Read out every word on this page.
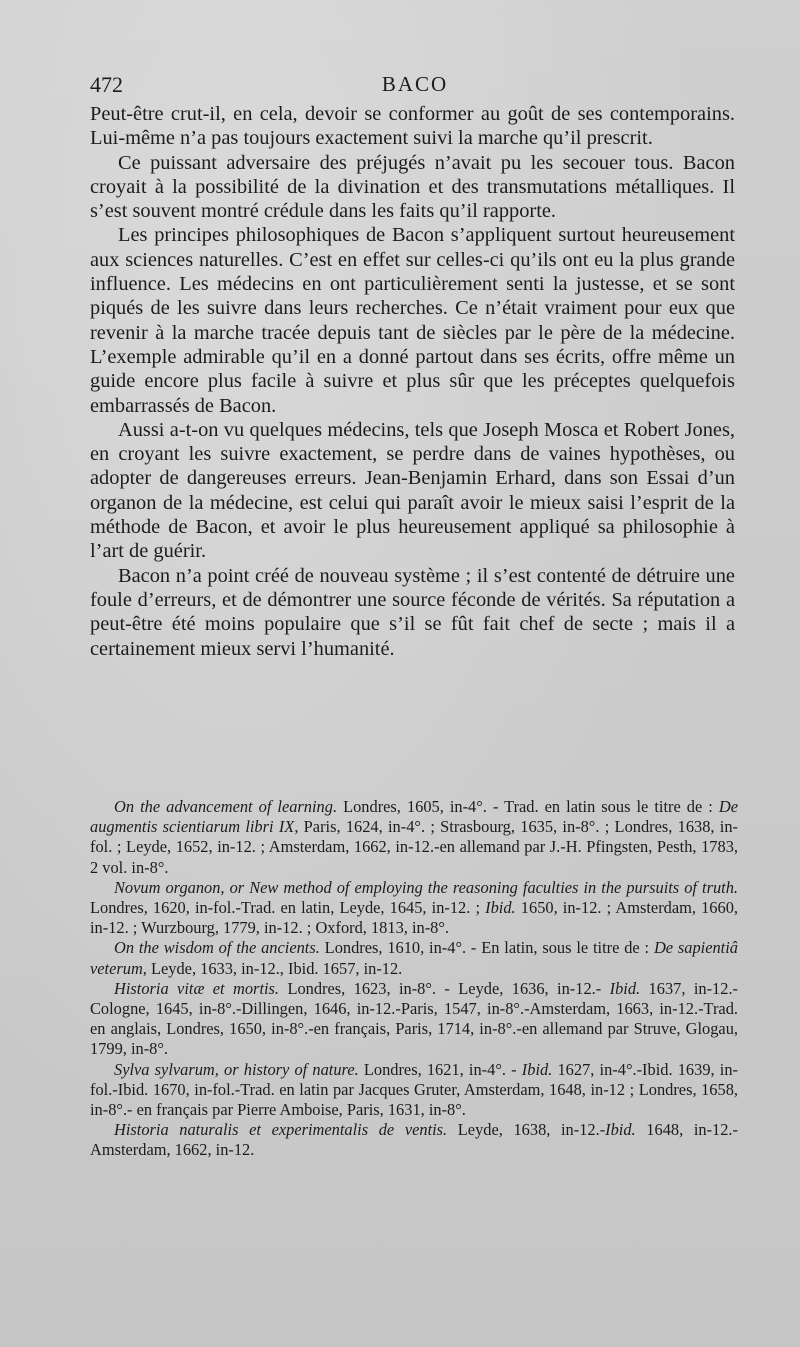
472	BACO

Peut-être crut-il, en cela, devoir se conformer au goût de ses contemporains. Lui-même n’a pas toujours exactement suivi la marche qu’il prescrit.

Ce puissant adversaire des préjugés n’avait pu les secouer tous. Bacon croyait à la possibilité de la divination et des transmutations métalliques. Il s’est souvent montré crédule dans les faits qu’il rapporte.

Les principes philosophiques de Bacon s’appliquent surtout heureusement aux sciences naturelles. C’est en effet sur celles-ci qu’ils ont eu la plus grande influence. Les médecins en ont particulièrement senti la justesse, et se sont piqués de les suivre dans leurs recherches. Ce n’était vraiment pour eux que revenir à la marche tracée depuis tant de siècles par le père de la médecine. L’exemple admirable qu’il en a donné partout dans ses écrits, offre même un guide encore plus facile à suivre et plus sûr que les préceptes quelquefois embarrassés de Bacon.

Aussi a-t-on vu quelques médecins, tels que Joseph Mosca et Robert Jones, en croyant les suivre exactement, se perdre dans de vaines hypothèses, ou adopter de dangereuses erreurs. Jean-Benjamin Erhard, dans son Essai d’un organon de la médecine, est celui qui paraît avoir le mieux saisi l’esprit de la méthode de Bacon, et avoir le plus heureusement appliqué sa philosophie à l’art de guérir.

Bacon n’a point créé de nouveau système ; il s’est contenté de détruire une foule d’erreurs, et de démontrer une source féconde de vérités. Sa réputation a peut-être été moins populaire que s’il se fût fait chef de secte ; mais il a certainement mieux servi l’humanité.

On the advancement of learning. Londres, 1605, in-4°. - Trad. en latin sous le titre de : De augmentis scientiarum libri IX, Paris, 1624, in-4°. ; Strasbourg, 1635, in-8°. ; Londres, 1638, in-fol. ; Leyde, 1652, in-12. ; Amsterdam, 1662, in-12.-en allemand par J.-H. Pfingsten, Pesth, 1783, 2 vol. in-8°.

Novum organon, or New method of employing the reasoning faculties in the pursuits of truth. Londres, 1620, in-fol.-Trad. en latin, Leyde, 1645, in-12. ; Ibid. 1650, in-12. ; Amsterdam, 1660, in-12. ; Wurzbourg, 1779, in-12. ; Oxford, 1813, in-8°.

On the wisdom of the ancients. Londres, 1610, in-4°. - En latin, sous le titre de : De sapientiâ veterum, Leyde, 1633, in-12., Ibid. 1657, in-12.

Historia vitæ et mortis. Londres, 1623, in-8°. - Leyde, 1636, in-12.- Ibid. 1637, in-12.-Cologne, 1645, in-8°.-Dillingen, 1646, in-12.-Paris, 1547, in-8°.-Amsterdam, 1663, in-12.-Trad. en anglais, Londres, 1650, in-8°.-en français, Paris, 1714, in-8°.-en allemand par Struve, Glogau, 1799, in-8°.

Sylva sylvarum, or history of nature. Londres, 1621, in-4°. - Ibid. 1627, in-4°.-Ibid. 1639, in-fol.-Ibid. 1670, in-fol.-Trad. en latin par Jacques Gruter, Amsterdam, 1648, in-12 ; Londres, 1658, in-8°.- en français par Pierre Amboise, Paris, 1631, in-8°.

Historia naturalis et experimentalis de ventis. Leyde, 1638, in-12.-Ibid. 1648, in-12.-Amsterdam, 1662, in-12.
